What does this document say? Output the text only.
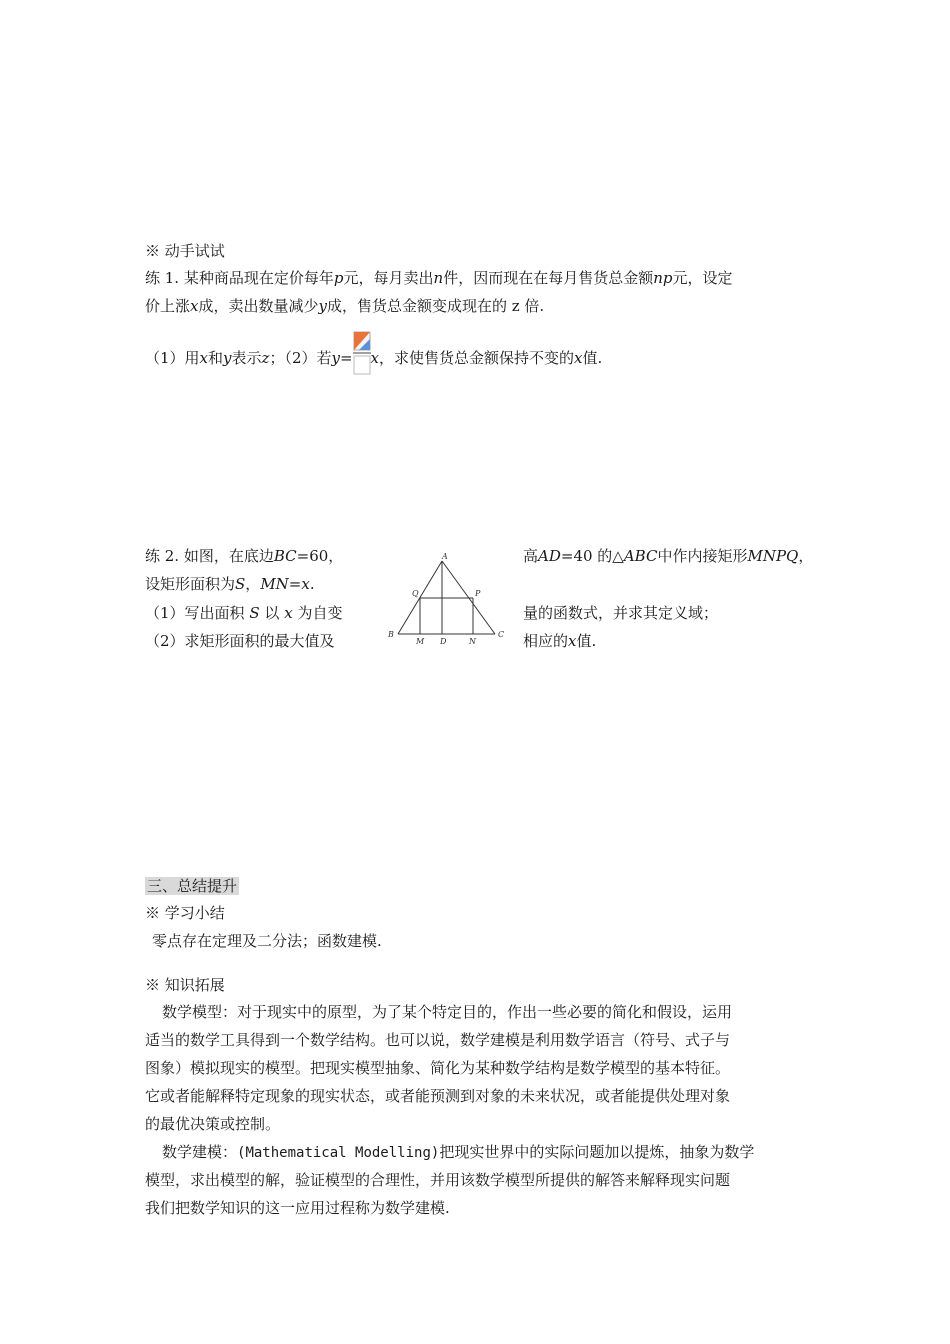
※ 动手试试
练 1. 某种商品现在定价每年p元，每月卖出n件，因而现在在每月售货总金额np元，设定
价上涨x成，卖出数量减少y成，售货总金额变成现在的 z 倍.
（1）用x和y表示z；（2）若y= x，求使售货总金额保持不变的x值.
练 2. 如图，在底边BC=60，	高AD=40 的△ABC中作内接矩形MNPQ，
设矩形面积为S，MN=x.
（1）写出面积 S 以 x 为自变	量的函数式，并求其定义域；
（2）求矩形面积的最大值及	相应的x值.
A
B	C
D
M	N
P
Q
三、总结提升
※ 学习小结
零点存在定理及二分法；函数建模.
※ 知识拓展
数学模型：对于现实中的原型，为了某个特定目的，作出一些必要的简化和假设，运用
适当的数学工具得到一个数学结构。也可以说，数学建模是利用数学语言（符号、式子与
图象）模拟现实的模型。把现实模型抽象、简化为某种数学结构是数学模型的基本特征。
它或者能解释特定现象的现实状态，或者能预测到对象的未来状况，或者能提供处理对象
的最优决策或控制。
数学建模：(Mathematical Modelling)把现实世界中的实际问题加以提炼，抽象为数学
模型，求出模型的解，验证模型的合理性，并用该数学模型所提供的解答来解释现实问题
我们把数学知识的这一应用过程称为数学建模.
